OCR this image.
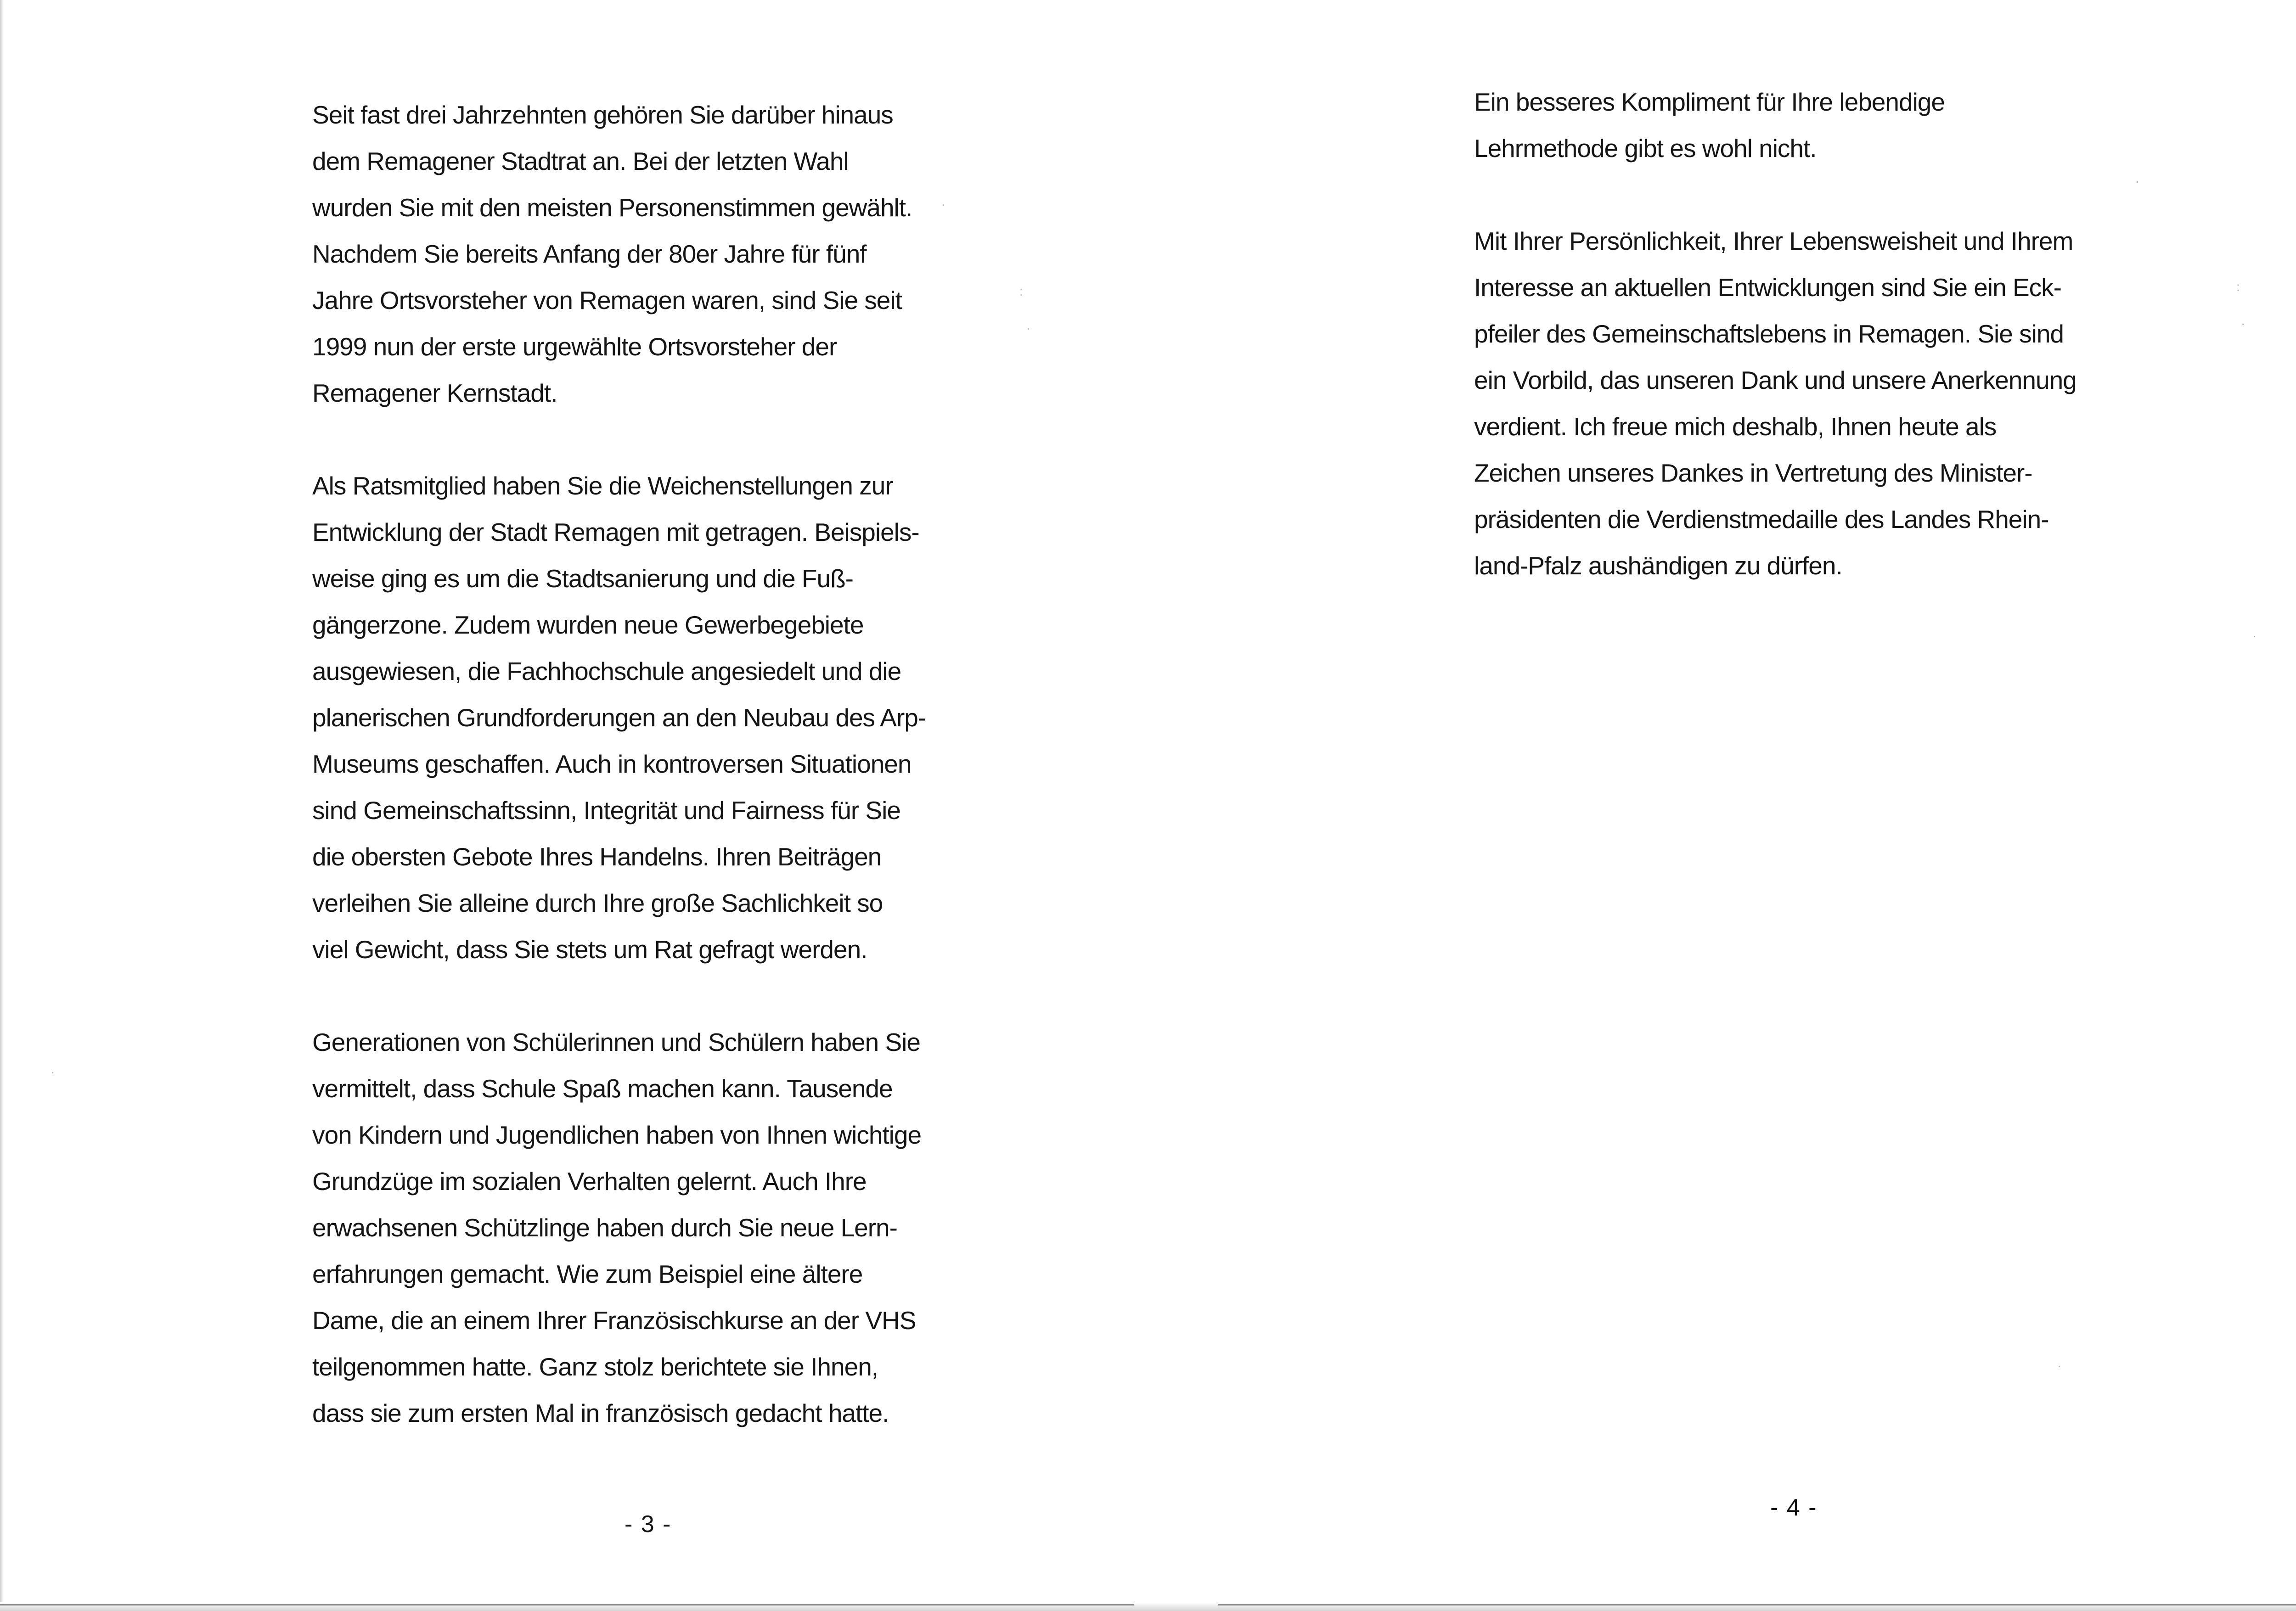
Seit fast drei Jahrzehnten gehören Sie darüber hinaus
dem Remagener Stadtrat an. Bei der letzten Wahl
wurden Sie mit den meisten Personenstimmen gewählt.
Nachdem Sie bereits Anfang der 80er Jahre für fünf
Jahre Ortsvorsteher von Remagen waren, sind Sie seit
1999 nun der erste urgewählte Ortsvorsteher der
Remagener Kernstadt.
Als Ratsmitglied haben Sie die Weichenstellungen zur
Entwicklung der Stadt Remagen mit getragen. Beispiels-
weise ging es um die Stadtsanierung und die Fuß-
gängerzone. Zudem wurden neue Gewerbegebiete
ausgewiesen, die Fachhochschule angesiedelt und die
planerischen Grundforderungen an den Neubau des Arp-
Museums geschaffen. Auch in kontroversen Situationen
sind Gemeinschaftssinn, Integrität und Fairness für Sie
die obersten Gebote Ihres Handelns. Ihren Beiträgen
verleihen Sie alleine durch Ihre große Sachlichkeit so
viel Gewicht, dass Sie stets um Rat gefragt werden.
Generationen von Schülerinnen und Schülern haben Sie
vermittelt, dass Schule Spaß machen kann. Tausende
von Kindern und Jugendlichen haben von Ihnen wichtige
Grundzüge im sozialen Verhalten gelernt. Auch Ihre
erwachsenen Schützlinge haben durch Sie neue Lern-
erfahrungen gemacht. Wie zum Beispiel eine ältere
Dame, die an einem Ihrer Französischkurse an der VHS
teilgenommen hatte. Ganz stolz berichtete sie Ihnen,
dass sie zum ersten Mal in französisch gedacht hatte.
- 3 -
:
·
·
·
Ein besseres Kompliment für Ihre lebendige
Lehrmethode gibt es wohl nicht.
Mit Ihrer Persönlichkeit, Ihrer Lebensweisheit und Ihrem
Interesse an aktuellen Entwicklungen sind Sie ein Eck-
pfeiler des Gemeinschaftslebens in Remagen. Sie sind
ein Vorbild, das unseren Dank und unsere Anerkennung
verdient. Ich freue mich deshalb, Ihnen heute als
Zeichen unseres Dankes in Vertretung des Minister-
präsidenten die Verdienstmedaille des Landes Rhein-
land-Pfalz aushändigen zu dürfen.
- 4 -
:
·
·
·
·
